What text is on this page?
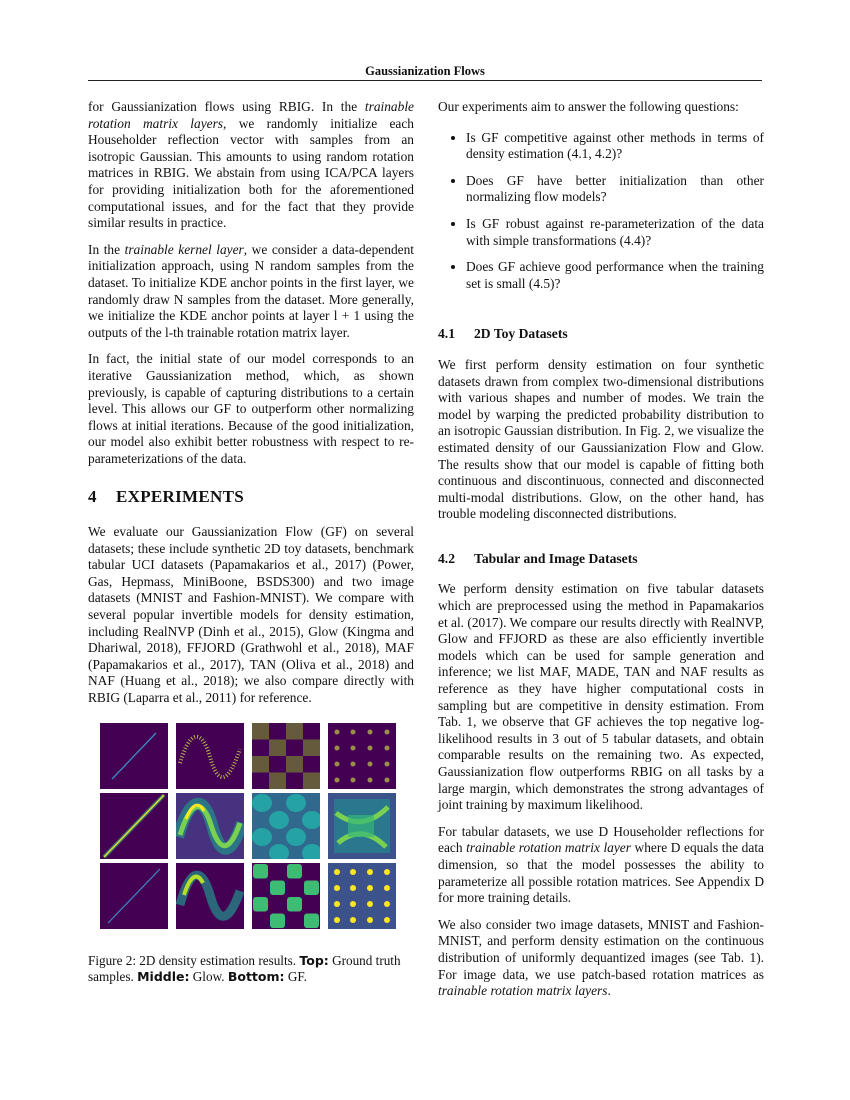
Gaussianization Flows

for Gaussianization flows using RBIG. In the trainable rotation matrix layers, we randomly initialize each Householder reflection vector with samples from an isotropic Gaussian. This amounts to using random rotation matrices in RBIG. We abstain from using ICA/PCA layers for providing initialization both for the aforementioned computational issues, and for the fact that they provide similar results in practice.

In the trainable kernel layer, we consider a data-dependent initialization approach, using N random samples from the dataset. To initialize KDE anchor points in the first layer, we randomly draw N samples from the dataset. More generally, we initialize the KDE anchor points at layer l + 1 using the outputs of the l-th trainable rotation matrix layer.

In fact, the initial state of our model corresponds to an iterative Gaussianization method, which, as shown previously, is capable of capturing distributions to a certain level. This allows our GF to outperform other normalizing flows at initial iterations. Because of the good initialization, our model also exhibit better robustness with respect to re-parameterizations of the data.

4 EXPERIMENTS

We evaluate our Gaussianization Flow (GF) on several datasets; these include synthetic 2D toy datasets, benchmark tabular UCI datasets (Papamakarios et al., 2017) (Power, Gas, Hepmass, MiniBoone, BSDS300) and two image datasets (MNIST and Fashion-MNIST). We compare with several popular invertible models for density estimation, including RealNVP (Dinh et al., 2015), Glow (Kingma and Dhariwal, 2018), FFJORD (Grathwohl et al., 2018), MAF (Papamakarios et al., 2017), TAN (Oliva et al., 2018) and NAF (Huang et al., 2018); we also compare directly with RBIG (Laparra et al., 2011) for reference.

Figure 2: 2D density estimation results. Top: Ground truth samples. Middle: Glow. Bottom: GF.

Our experiments aim to answer the following questions:

• Is GF competitive against other methods in terms of density estimation (4.1, 4.2)?
• Does GF have better initialization than other normalizing flow models?
• Is GF robust against re-parameterization of the data with simple transformations (4.4)?
• Does GF achieve good performance when the training set is small (4.5)?
4.1 2D Toy Datasets

We first perform density estimation on four synthetic datasets drawn from complex two-dimensional distributions with various shapes and number of modes. We train the model by warping the predicted probability distribution to an isotropic Gaussian distribution. In Fig. 2, we visualize the estimated density of our Gaussianization Flow and Glow. The results show that our model is capable of fitting both continuous and discontinuous, connected and disconnected multi-modal distributions. Glow, on the other hand, has trouble modeling disconnected distributions.

4.2 Tabular and Image Datasets

We perform density estimation on five tabular datasets which are preprocessed using the method in Papamakarios et al. (2017). We compare our results directly with RealNVP, Glow and FFJORD as these are also efficiently invertible models which can be used for sample generation and inference; we list MAF, MADE, TAN and NAF results as reference as they have higher computational costs in sampling but are competitive in density estimation. From Tab. 1, we observe that GF achieves the top negative log-likelihood results in 3 out of 5 tabular datasets, and obtain comparable results on the remaining two. As expected, Gaussianization flow outperforms RBIG on all tasks by a large margin, which demonstrates the strong advantages of joint training by maximum likelihood.

For tabular datasets, we use D Householder reflections for each trainable rotation matrix layer where D equals the data dimension, so that the model possesses the ability to parameterize all possible rotation matrices. See Appendix D for more training details.

We also consider two image datasets, MNIST and Fashion-MNIST, and perform density estimation on the continuous distribution of uniformly dequantized images (see Tab. 1). For image data, we use patch-based rotation matrices as trainable rotation matrix layers.
